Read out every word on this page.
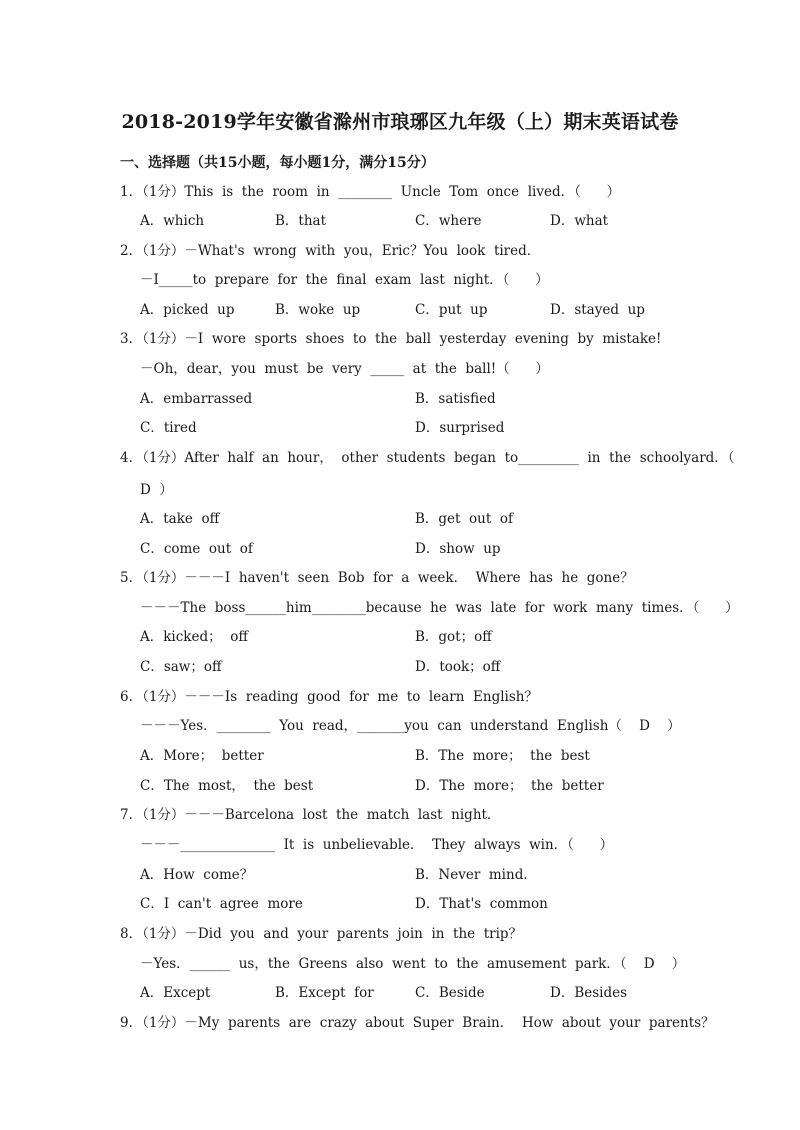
2018-2019学年安徽省滁州市琅琊区九年级（上）期末英语试卷
一、选择题（共15小题，每小题1分，满分15分）
1．（1分）This  is  the  room  in  ________  Uncle  Tom  once  lived．（      ）
A．which	B．that	C．where	D．what
2．（1分）－What's  wrong  with  you，Eric？You  look  tired．
－I_____to  prepare  for  the  final  exam  last  night．（      ）
A．picked  up	B．woke  up	C．put  up	D．stayed  up
3．（1分）－I  wore  sports  shoes  to  the  ball  yesterday  evening  by  mistake!
－Oh，dear，you  must  be  very  _____  at  the  ball!（      ）
A．embarrassed	B．satisfied
C．tired	D．surprised
4．（1分）After  half  an  hour，  other  students  began  to_________  in  the  schoolyard．（
D  ）
A．take  off	B．get  out  of
C．come  out  of	D．show  up
5．（1分）－－－I  haven't  seen  Bob  for  a  week．  Where  has  he  gone？
－－－The  boss______him________because  he  was  late  for  work  many  times．（      ）
A．kicked；  off	B．got；off
C．saw；off	D．took；off
6．（1分）－－－Is  reading  good  for  me  to  learn  English？
－－－Yes．________  You  read，_______you  can  understand  English（    D    ）
A．More；  better	B．The  more；  the  best
C．The  most，  the  best	D．The  more；  the  better
7．（1分）－－－Barcelona  lost  the  match  last  night．
－－－______________  It  is  unbelievable．  They  always  win．（      ）
A．How  come？	B．Never  mind．
C．I  can't  agree  more	D．That's  common
8．（1分）－Did  you  and  your  parents  join  in  the  trip？
－Yes．______  us，the  Greens  also  went  to  the  amusement  park．（    D    ）
A．Except	B．Except  for	C．Beside	D．Besides
9．（1分）－My  parents  are  crazy  about  Super  Brain．  How  about  your  parents？
